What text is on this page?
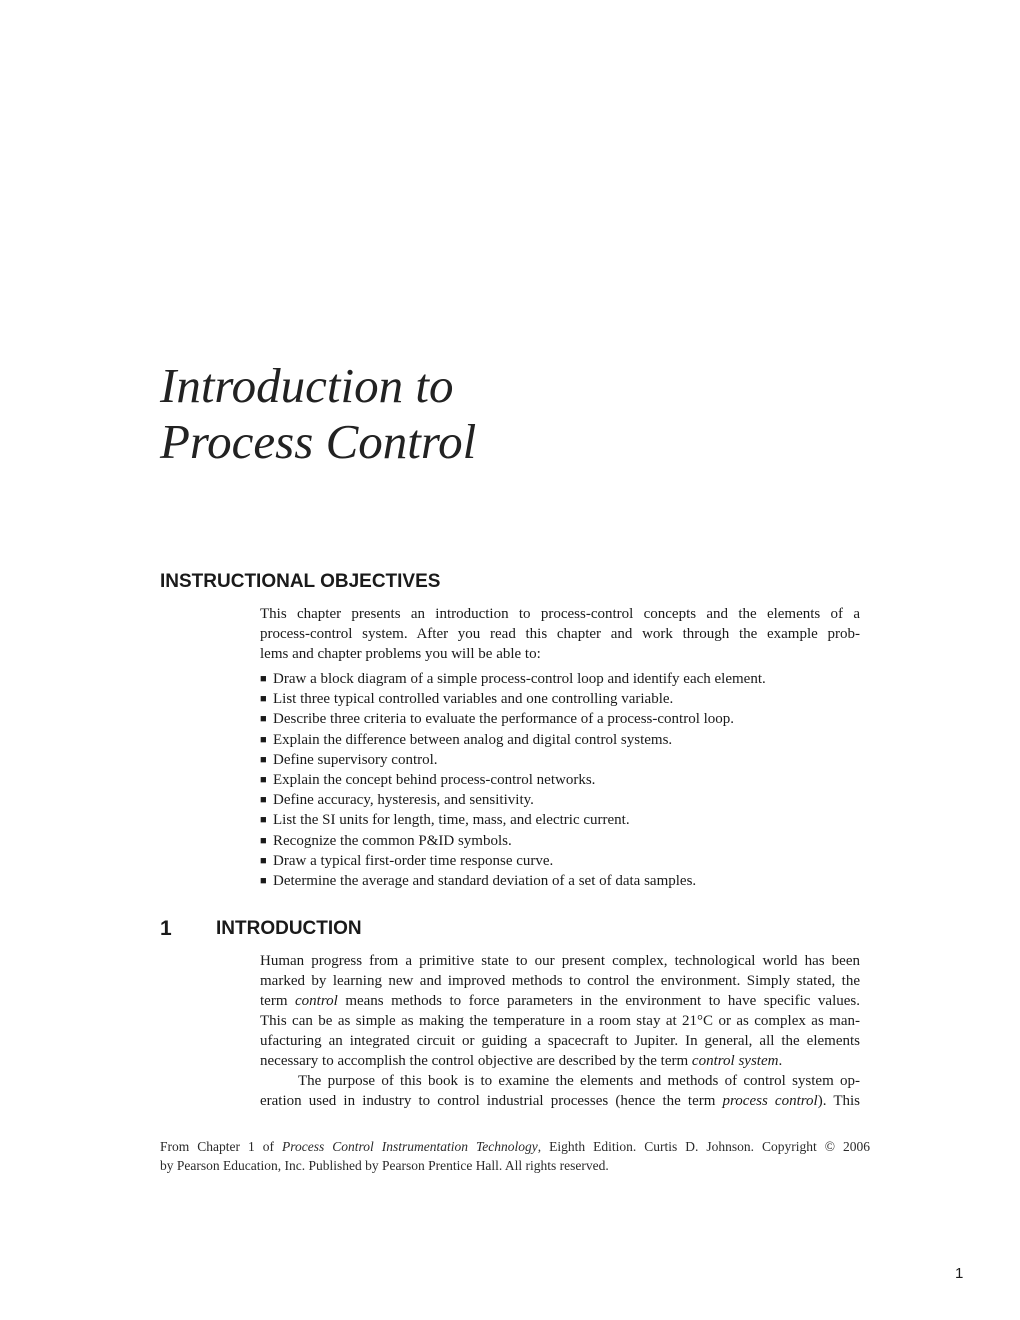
Introduction to
Process Control
INSTRUCTIONAL OBJECTIVES
This chapter presents an introduction to process-control concepts and the elements of a
process-control system. After you read this chapter and work through the example prob-
lems and chapter problems you will be able to:
■ Draw a block diagram of a simple process-control loop and identify each element.
■ List three typical controlled variables and one controlling variable.
■ Describe three criteria to evaluate the performance of a process-control loop.
■ Explain the difference between analog and digital control systems.
■ Define supervisory control.
■ Explain the concept behind process-control networks.
■ Define accuracy, hysteresis, and sensitivity.
■ List the SI units for length, time, mass, and electric current.
■ Recognize the common P&ID symbols.
■ Draw a typical first-order time response curve.
■ Determine the average and standard deviation of a set of data samples.
1 INTRODUCTION

Human progress from a primitive state to our present complex, technological world has been
marked by learning new and improved methods to control the environment. Simply stated, the
term control means methods to force parameters in the environment to have specific values.
This can be as simple as making the temperature in a room stay at 21°C or as complex as man-
ufacturing an integrated circuit or guiding a spacecraft to Jupiter. In general, all the elements
necessary to accomplish the control objective are described by the term control system.

The purpose of this book is to examine the elements and methods of control system op-
eration used in industry to control industrial processes (hence the term process control). This

From Chapter 1 of Process Control Instrumentation Technology, Eighth Edition. Curtis D. Johnson. Copyright © 2006
by Pearson Education, Inc. Published by Pearson Prentice Hall. All rights reserved.
1
